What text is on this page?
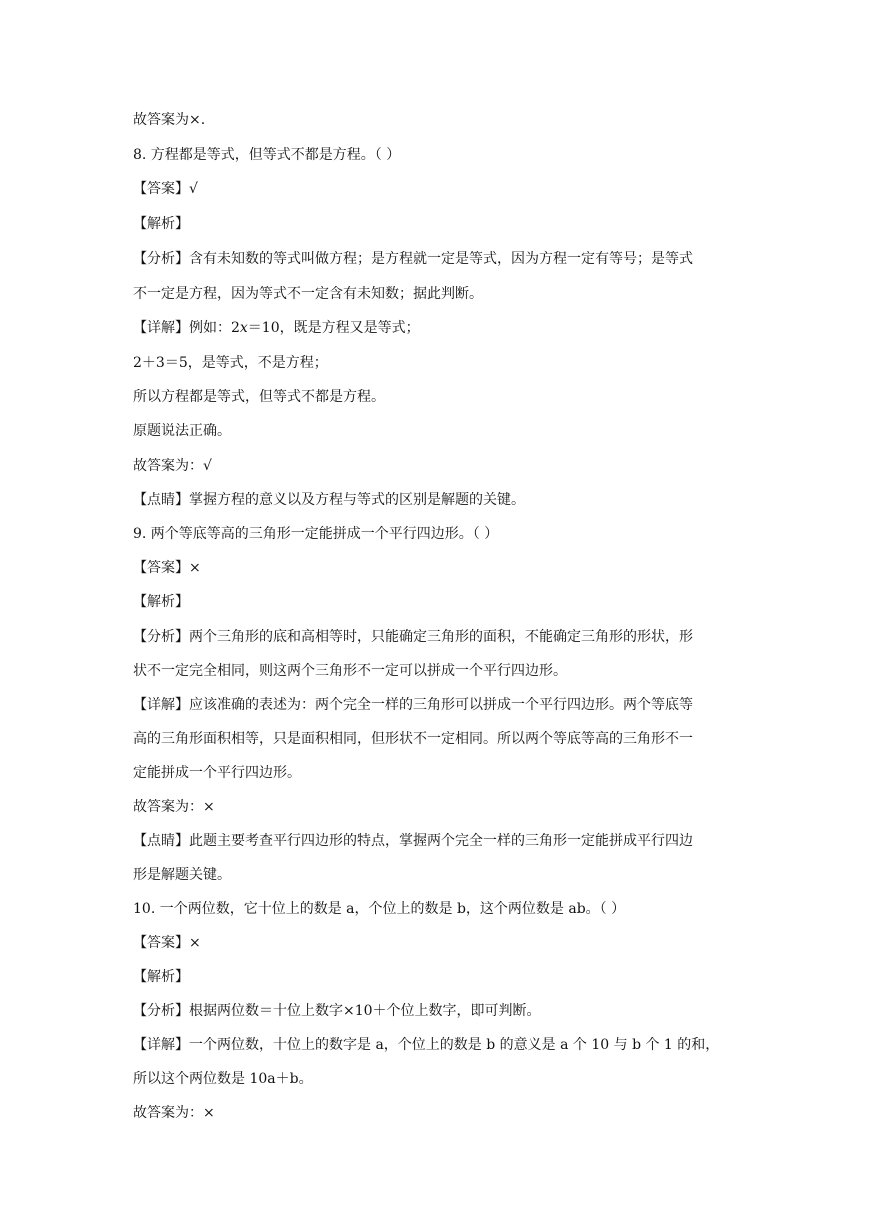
故答案为×.
8. 方程都是等式，但等式不都是方程。（ ）
【答案】√
【解析】
【分析】含有未知数的等式叫做方程；是方程就一定是等式，因为方程一定有等号；是等式
不一定是方程，因为等式不一定含有未知数；据此判断。
【详解】例如：2𝑥＝10，既是方程又是等式；
2＋3＝5，是等式，不是方程；
所以方程都是等式，但等式不都是方程。
原题说法正确。
故答案为：√
【点睛】掌握方程的意义以及方程与等式的区别是解题的关键。
9. 两个等底等高的三角形一定能拼成一个平行四边形。（ ）
【答案】×
【解析】
【分析】两个三角形的底和高相等时，只能确定三角形的面积，不能确定三角形的形状，形
状不一定完全相同，则这两个三角形不一定可以拼成一个平行四边形。
【详解】应该准确的表述为：两个完全一样的三角形可以拼成一个平行四边形。两个等底等
高的三角形面积相等，只是面积相同，但形状不一定相同。所以两个等底等高的三角形不一
定能拼成一个平行四边形。
故答案为：×
【点睛】此题主要考查平行四边形的特点，掌握两个完全一样的三角形一定能拼成平行四边
形是解题关键。
10. 一个两位数，它十位上的数是 a，个位上的数是 b，这个两位数是 ab。（ ）
【答案】×
【解析】
【分析】根据两位数＝十位上数字×10＋个位上数字，即可判断。
【详解】一个两位数，十位上的数字是 a，个位上的数是 b 的意义是 a 个 10 与 b 个 1 的和，
所以这个两位数是 10a＋b。
故答案为：×
